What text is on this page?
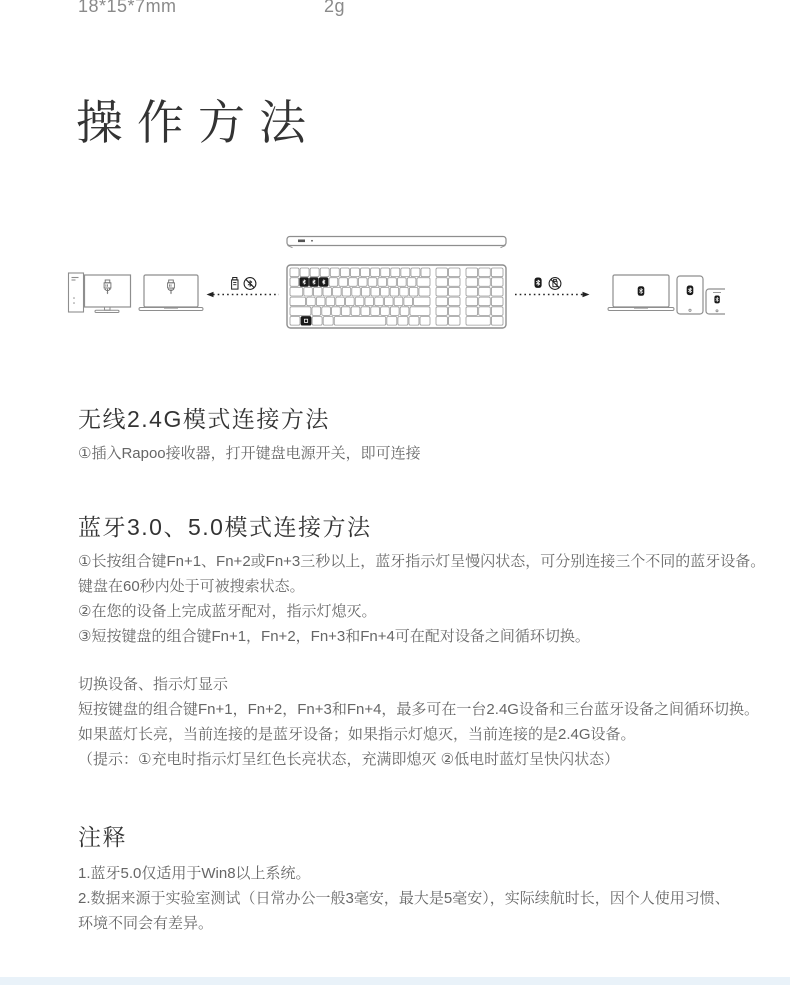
18*15*7mm	2g
操作方法
无线2.4G模式连接方法
①插入Rapoo接收器，打开键盘电源开关，即可连接
蓝牙3.0、5.0模式连接方法
①长按组合键Fn+1、Fn+2或Fn+3三秒以上，蓝牙指示灯呈慢闪状态，可分别连接三个不同的蓝牙设备。
键盘在60秒内处于可被搜索状态。
②在您的设备上完成蓝牙配对，指示灯熄灭。
③短按键盘的组合键Fn+1，Fn+2，Fn+3和Fn+4可在配对设备之间循环切换。
切换设备、指示灯显示
短按键盘的组合键Fn+1，Fn+2，Fn+3和Fn+4，最多可在一台2.4G设备和三台蓝牙设备之间循环切换。
如果蓝灯长亮，当前连接的是蓝牙设备；如果指示灯熄灭，当前连接的是2.4G设备。
（提示：①充电时指示灯呈红色长亮状态，充满即熄灭 ②低电时蓝灯呈快闪状态）
注释
1.蓝牙5.0仅适用于Win8以上系统。
2.数据来源于实验室测试（日常办公一般3毫安，最大是5毫安），实际续航时长，因个人使用习惯、
环境不同会有差异。
